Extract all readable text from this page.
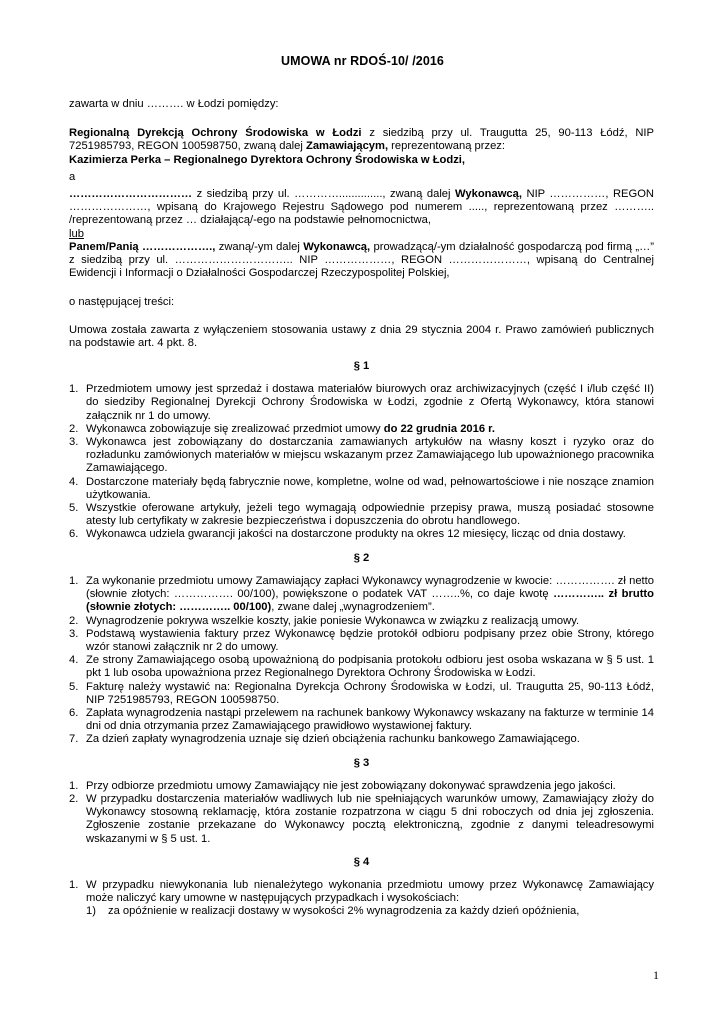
UMOWA nr RDOŚ-10/ /2016

zawarta w dniu ………. w Łodzi pomiędzy:

Regionalną Dyrekcją Ochrony Środowiska w Łodzi z siedzibą przy ul. Traugutta 25, 90-113 Łódź, NIP 7251985793, REGON 100598750, zwaną dalej Zamawiającym, reprezentowaną przez:
Kazimierza Perka – Regionalnego Dyrektora Ochrony Środowiska w Łodzi,

a

…………………………… z siedzibą przy ul. ………….............., zwaną dalej Wykonawcą, NIP ……………, REGON …………………, wpisaną do Krajowego Rejestru Sądowego pod numerem ....., reprezentowaną przez ……….. /reprezentowaną przez … działającą/-ego na podstawie pełnomocnictwa,

lub

Panem/Panią ………………., zwaną/-ym dalej Wykonawcą, prowadzącą/-ym działalność gospodarczą pod firmą „…” z siedzibą przy ul. ………………………….. NIP ………………, REGON …………………, wpisaną do Centralnej Ewidencji i Informacji o Działalności Gospodarczej Rzeczypospolitej Polskiej,

o następującej treści:

Umowa została zawarta z wyłączeniem stosowania ustawy z dnia 29 stycznia 2004 r. Prawo zamówień publicznych na podstawie art. 4 pkt. 8.

§ 1

1. Przedmiotem umowy jest sprzedaż i dostawa materiałów biurowych oraz archiwizacyjnych (część I i/lub część II) do siedziby Regionalnej Dyrekcji Ochrony Środowiska w Łodzi, zgodnie z Ofertą Wykonawcy, która stanowi załącznik nr 1 do umowy.
2. Wykonawca zobowiązuje się zrealizować przedmiot umowy do 22 grudnia 2016 r.
3. Wykonawca jest zobowiązany do dostarczania zamawianych artykułów na własny koszt i ryzyko oraz do rozładunku zamówionych materiałów w miejscu wskazanym przez Zamawiającego lub upoważnionego pracownika Zamawiającego.
4. Dostarczone materiały będą fabrycznie nowe, kompletne, wolne od wad, pełnowartościowe i nie noszące znamion użytkowania.
5. Wszystkie oferowane artykuły, jeżeli tego wymagają odpowiednie przepisy prawa, muszą posiadać stosowne atesty lub certyfikaty w zakresie bezpieczeństwa i dopuszczenia do obrotu handlowego.
6. Wykonawca udziela gwarancji jakości na dostarczone produkty na okres 12 miesięcy, licząc od dnia dostawy.

§ 2

1. Za wykonanie przedmiotu umowy Zamawiający zapłaci Wykonawcy wynagrodzenie w kwocie: ……………. zł netto (słownie złotych: ……………. 00/100), powiększone o podatek VAT ……..%, co daje kwotę ………….. zł brutto (słownie złotych: ………….. 00/100), zwane dalej „wynagrodzeniem”.
2. Wynagrodzenie pokrywa wszelkie koszty, jakie poniesie Wykonawca w związku z realizacją umowy.
3. Podstawą wystawienia faktury przez Wykonawcę będzie protokół odbioru podpisany przez obie Strony, którego wzór stanowi załącznik nr 2 do umowy.
4. Ze strony Zamawiającego osobą upoważnioną do podpisania protokołu odbioru jest osoba wskazana w § 5 ust. 1 pkt 1 lub osoba upoważniona przez Regionalnego Dyrektora Ochrony Środowiska w Łodzi.
5. Fakturę należy wystawić na: Regionalna Dyrekcja Ochrony Środowiska w Łodzi, ul. Traugutta 25, 90-113 Łódź, NIP 7251985793, REGON 100598750.
6. Zapłata wynagrodzenia nastąpi przelewem na rachunek bankowy Wykonawcy wskazany na fakturze w terminie 14 dni od dnia otrzymania przez Zamawiającego prawidłowo wystawionej faktury.
7. Za dzień zapłaty wynagrodzenia uznaje się dzień obciążenia rachunku bankowego Zamawiającego.

§ 3

1. Przy odbiorze przedmiotu umowy Zamawiający nie jest zobowiązany dokonywać sprawdzenia jego jakości.
2. W przypadku dostarczenia materiałów wadliwych lub nie spełniających warunków umowy, Zamawiający złoży do Wykonawcy stosowną reklamację, która zostanie rozpatrzona w ciągu 5 dni roboczych od dnia jej zgłoszenia. Zgłoszenie zostanie przekazane do Wykonawcy pocztą elektroniczną, zgodnie z danymi teleadresowymi wskazanymi w § 5 ust. 1.

§ 4

1. W przypadku niewykonania lub nienależytego wykonania przedmiotu umowy przez Wykonawcę Zamawiający może naliczyć kary umowne w następujących przypadkach i wysokościach:
1) za opóźnienie w realizacji dostawy w wysokości 2% wynagrodzenia za każdy dzień opóźnienia,
1
